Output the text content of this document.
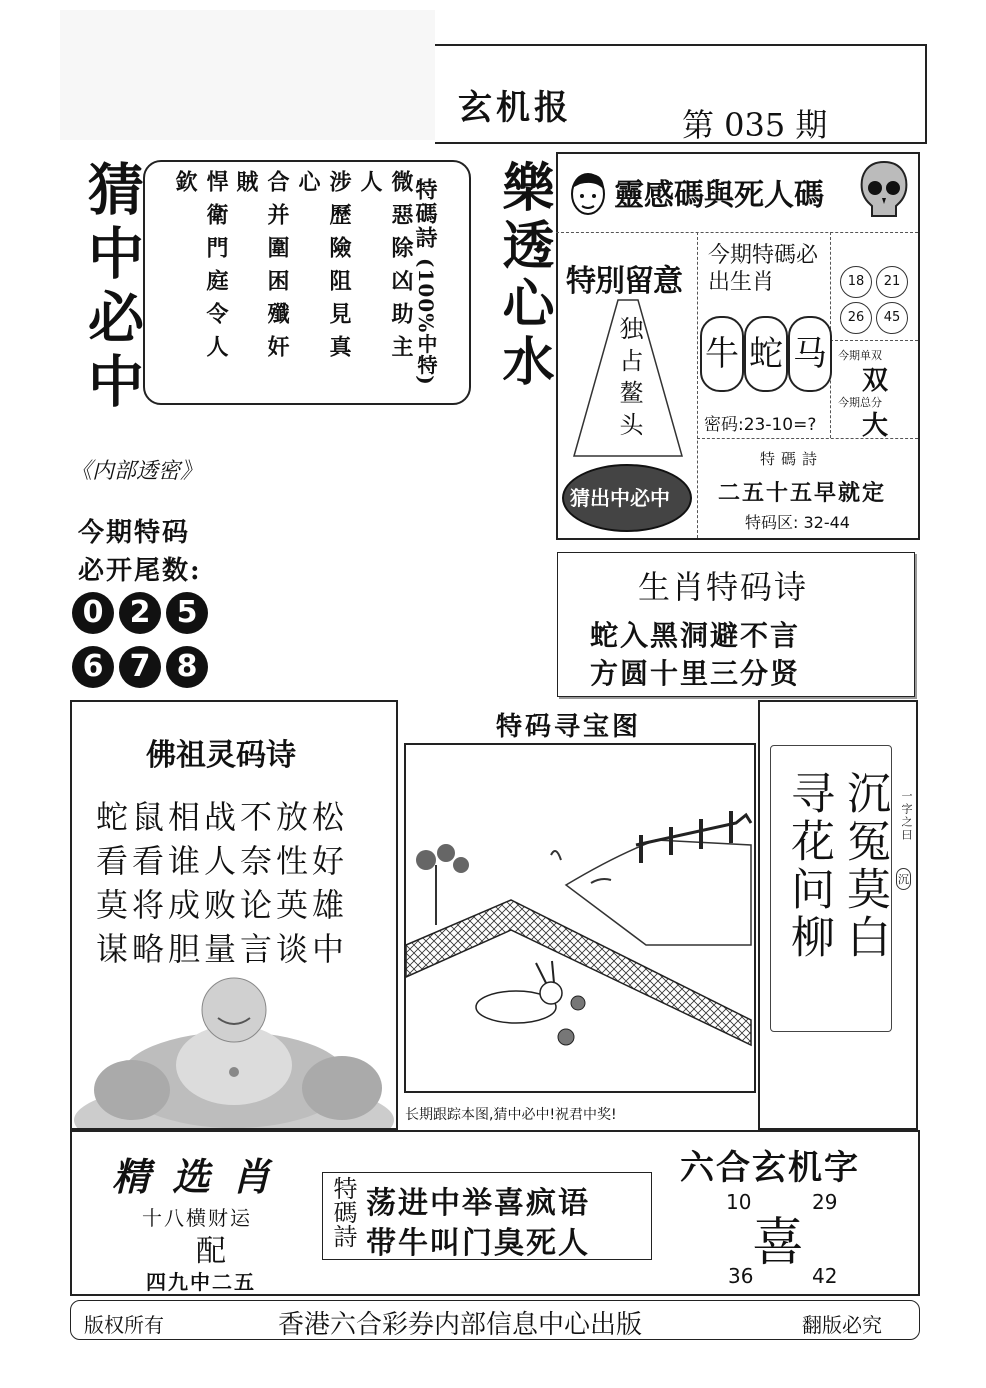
玄机报	第 035 期
猜中必中	悍衛門庭令人欽	合并圍困殲奸賊	涉歷險阻見真心	微惡除凶助主人	特碼詩
(100%中特) 樂透心水 靈感碼與死人碼
特別留意
独占鳌头
猜出中必中
今期特碼必出生肖
牛 蛇 马
密码:23-10=?
18	21
26	45
今期单双
双
今期总分
大
特碼詩
二五十五早就定
特码区: 32-44
《内部透密》
今期特码
必开尾数:
0 2 5
6 7 8
生肖特码诗
蛇入黑洞避不言
方圆十里三分贤
佛祖灵码诗
蛇鼠相战不放松
看看谁人奈性好
莫将成败论英雄
谋略胆量言谈中
特码寻宝图
长期跟踪本图,猜中必中!祝君中奖!
沉冤莫白
寻花问柳	一字之曰
沉
精选肖
十八横财运
配
四九中二五
特碼詩 荡进中举喜疯语
带牛叫门臭死人
六合玄机字
10	29
喜
36	42
版权所有	香港六合彩券内部信息中心出版	翻版必究
